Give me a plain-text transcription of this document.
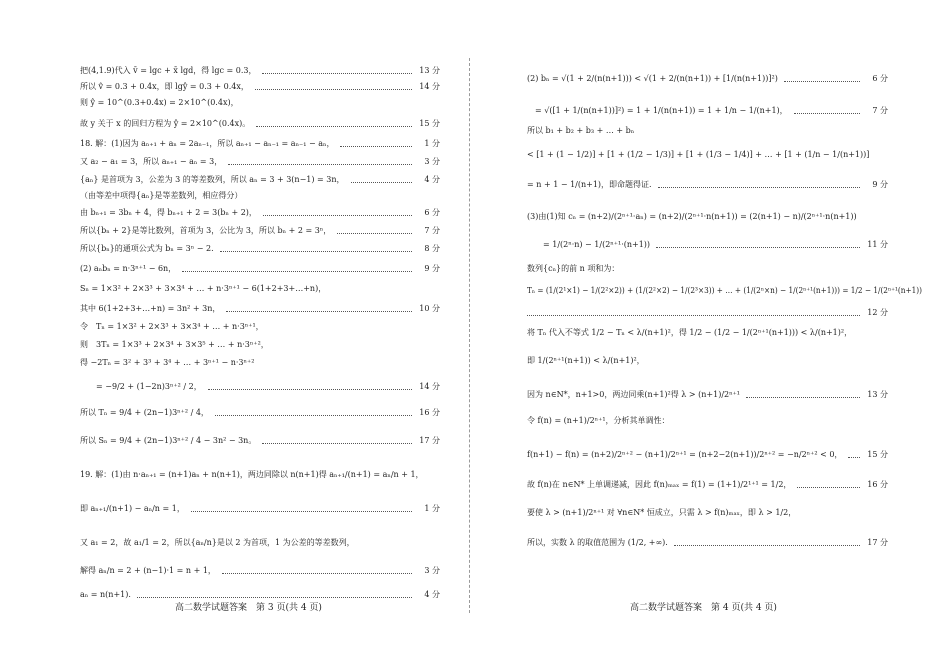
把(4,1.9)代入 v̄ = lgc + x̄ lgd，得 lgc = 0.3，	13 分
所以 v̂ = 0.3 + 0.4x，即 lgŷ = 0.3 + 0.4x，	14 分
则 ŷ = 10^(0.3+0.4x) = 2×10^(0.4x)，
故 y 关于 x 的回归方程为 ŷ = 2×10^(0.4x)。	15 分
18. 解：(1)因为 aₙ₊₁ + aₙ = 2aₙ₋₁，所以 aₙ₊₁ − aₙ₋₁ = aₙ₋₁ − aₙ，	1 分
又 a₂ − a₁ = 3，所以 aₙ₊₁ − aₙ = 3，	3 分
{aₙ} 是首项为 3，公差为 3 的等差数列，所以 aₙ = 3 + 3(n−1) = 3n，	4 分
（由等差中项得{aₙ}是等差数列，相应得分）
由 bₙ₊₁ = 3bₙ + 4，得 bₙ₊₁ + 2 = 3(bₙ + 2)，	6 分
所以{bₙ + 2}是等比数列，首项为 3，公比为 3，所以 bₙ + 2 = 3ⁿ，	7 分
所以{bₙ}的通项公式为 bₙ = 3ⁿ − 2.	8 分
(2) aₙbₙ = n·3ⁿ⁺¹ − 6n，	9 分
Sₙ = 1×3² + 2×3³ + 3×3⁴ + … + n·3ⁿ⁺¹ − 6(1+2+3+…+n)，
其中 6(1+2+3+…+n) = 3n² + 3n，	10 分
令　Tₙ = 1×3² + 2×3³ + 3×3⁴ + … + n·3ⁿ⁺¹，
则　3Tₙ = 1×3³ + 2×3⁴ + 3×3⁵ + … + n·3ⁿ⁺²，
得 −2Tₙ = 3² + 3³ + 3⁴ + … + 3ⁿ⁺¹ − n·3ⁿ⁺²
　　= −9/2 + (1−2n)3ⁿ⁺² / 2，	14 分
所以 Tₙ = 9/4 + (2n−1)3ⁿ⁺² / 4，	16 分
所以 Sₙ = 9/4 + (2n−1)3ⁿ⁺² / 4 − 3n² − 3n。	17 分
19. 解：(1)由 n·aₙ₊₁ = (n+1)aₙ + n(n+1)，两边同除以 n(n+1)得 aₙ₊₁/(n+1) = aₙ/n + 1，
即 aₙ₊₁/(n+1) − aₙ/n = 1，	1 分
又 a₁ = 2，故 a₁/1 = 2，所以{aₙ/n}是以 2 为首项，1 为公差的等差数列，
解得 aₙ/n = 2 + (n−1)·1 = n + 1，	3 分
aₙ = n(n+1).	4 分
高二数学试题答案　第 3 页(共 4 页)
(2) bₙ = √(1 + 2/(n(n+1))) < √(1 + 2/(n(n+1)) + [1/(n(n+1))]²)	6 分
　= √([1 + 1/(n(n+1))]²) = 1 + 1/(n(n+1)) = 1 + 1/n − 1/(n+1)，	7 分
所以 b₁ + b₂ + b₃ + … + bₙ
< [1 + (1 − 1/2)] + [1 + (1/2 − 1/3)] + [1 + (1/3 − 1/4)] + … + [1 + (1/n − 1/(n+1))]
= n + 1 − 1/(n+1)，即命题得证.	9 分
(3)由(1)知 cₙ = (n+2)/(2ⁿ⁺¹·aₙ) = (n+2)/(2ⁿ⁺¹·n(n+1)) = (2(n+1) − n)/(2ⁿ⁺¹·n(n+1))
　　= 1/(2ⁿ·n) − 1/(2ⁿ⁺¹·(n+1))	11 分
数列{cₙ}的前 n 项和为：
Tₙ = (1/(2¹×1) − 1/(2²×2)) + (1/(2²×2) − 1/(2³×3)) + … + (1/(2ⁿ×n) − 1/(2ⁿ⁺¹(n+1))) = 1/2 − 1/(2ⁿ⁺¹(n+1))
12 分
将 Tₙ 代入不等式 1/2 − Tₙ < λ/(n+1)²，得 1/2 − (1/2 − 1/(2ⁿ⁺¹(n+1))) < λ/(n+1)²，
即 1/(2ⁿ⁺¹(n+1)) < λ/(n+1)²，
因为 n∈N*，n+1>0，两边同乘(n+1)²得 λ > (n+1)/2ⁿ⁺¹	13 分
令 f(n) = (n+1)/2ⁿ⁺¹，分析其单调性：
f(n+1) − f(n) = (n+2)/2ⁿ⁺² − (n+1)/2ⁿ⁺¹ = (n+2−2(n+1))/2ⁿ⁺² = −n/2ⁿ⁺² < 0，	15 分
故 f(n)在 n∈N* 上单调递减，因此 f(n)ₘₐₓ = f(1) = (1+1)/2¹⁺¹ = 1/2，	16 分
要使 λ > (n+1)/2ⁿ⁺¹ 对 ∀n∈N* 恒成立，只需 λ > f(n)ₘₐₓ，即 λ > 1/2，
所以，实数 λ 的取值范围为 (1/2, +∞).	17 分
高二数学试题答案　第 4 页(共 4 页)
